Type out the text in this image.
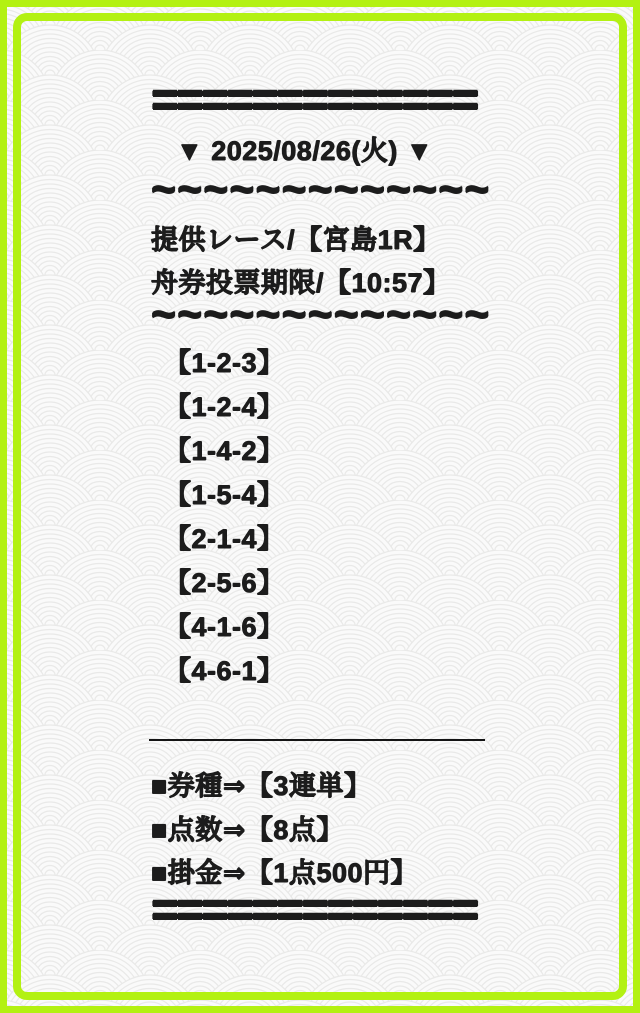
=============
▼ 2025/08/26(火) ▼
~~~~~~~~~~~~~
提供レース/【宮島1R】
舟券投票期限/【10:57】
~~~~~~~~~~~~~
【1-2-3】
【1-2-4】
【1-4-2】
【1-5-4】
【2-1-4】
【2-5-6】
【4-1-6】
【4-6-1】
■券種⇒【3連単】
■点数⇒【8点】
■掛金⇒【1点500円】
=============
